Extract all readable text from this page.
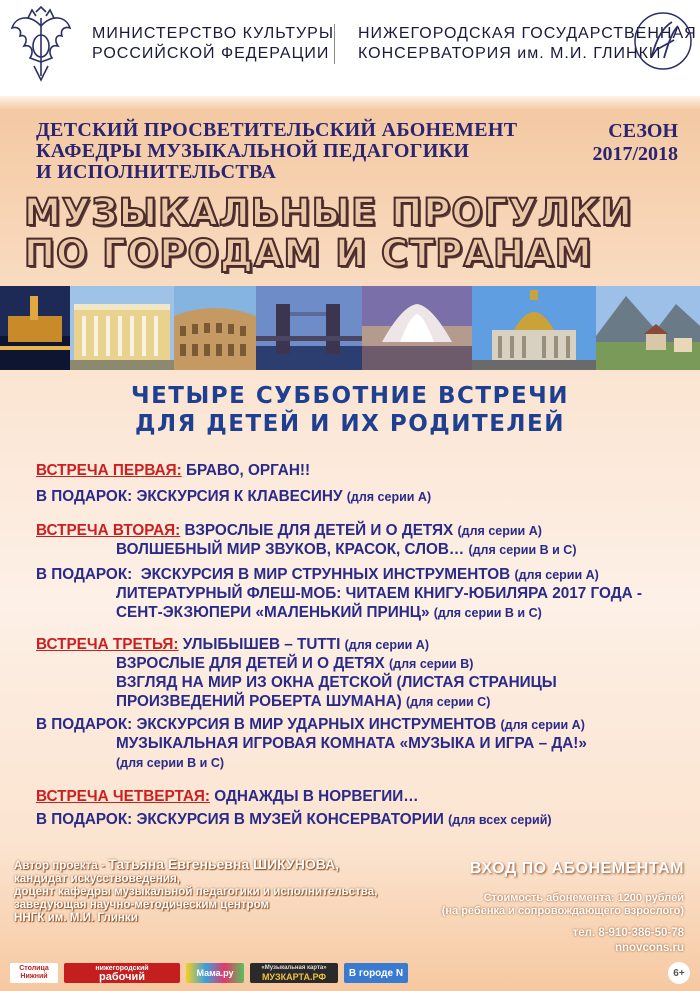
МИНИСТЕРСТВО КУЛЬТУРЫ
РОССИЙСКОЙ ФЕДЕРАЦИИ
НИЖЕГОРОДСКАЯ ГОСУДАРСТВЕННАЯ
КОНСЕРВАТОРИЯ им. М.И. ГЛИНКИ
ДЕТСКИЙ ПРОСВЕТИТЕЛЬСКИЙ АБОНЕМЕНТ
КАФЕДРЫ МУЗЫКАЛЬНОЙ ПЕДАГОГИКИ
И ИСПОЛНИТЕЛЬСТВА
СЕЗОН
2017/2018
МУЗЫКАЛЬНЫЕ ПРОГУЛКИ
ПО ГОРОДАМ И СТРАНАМ
ЧЕТЫРЕ СУББОТНИЕ ВСТРЕЧИ
ДЛЯ ДЕТЕЙ И ИХ РОДИТЕЛЕЙ
ВСТРЕЧА ПЕРВАЯ: БРАВО, ОРГАН!!
В ПОДАРОК: ЭКСКУРСИЯ К КЛАВЕСИНУ (для серии А)
ВСТРЕЧА ВТОРАЯ: ВЗРОСЛЫЕ ДЛЯ ДЕТЕЙ И О ДЕТЯХ (для серии А)
ВОЛШЕБНЫЙ МИР ЗВУКОВ, КРАСОК, СЛОВ… (для серии В и С)
В ПОДАРОК: ЭКСКУРСИЯ В МИР СТРУННЫХ ИНСТРУМЕНТОВ (для серии А)
ЛИТЕРАТУРНЫЙ ФЛЕШ-МОБ: ЧИТАЕМ КНИГУ-ЮБИЛЯРА 2017 ГОДА -
СЕНТ-ЭКЗЮПЕРИ «МАЛЕНЬКИЙ ПРИНЦ» (для серии В и С)
ВСТРЕЧА ТРЕТЬЯ: УЛЫБЫШЕВ – TUTTI (для серии А)
ВЗРОСЛЫЕ ДЛЯ ДЕТЕЙ И О ДЕТЯХ (для серии В)
ВЗГЛЯД НА МИР ИЗ ОКНА ДЕТСКОЙ (ЛИСТАЯ СТРАНИЦЫ
ПРОИЗВЕДЕНИЙ РОБЕРТА ШУМАНА) (для серии С)
В ПОДАРОК: ЭКСКУРСИЯ В МИР УДАРНЫХ ИНСТРУМЕНТОВ (для серии А)
МУЗЫКАЛЬНАЯ ИГРОВАЯ КОМНАТА «МУЗЫКА И ИГРА – ДА!»
(для серии В и С)
ВСТРЕЧА ЧЕТВЕРТАЯ: ОДНАЖДЫ В НОРВЕГИИ…
В ПОДАРОК: ЭКСКУРСИЯ В МУЗЕЙ КОНСЕРВАТОРИИ (для всех серий)
Автор проекта - Татьяна Евгеньевна ШИКУНОВА,
кандидат искусствоведения,
доцент кафедры музыкальной педагогики и исполнительства,
заведующая научно-методическим центром
ННГК им. М.И. Глинки
ВХОД ПО АБОНЕМЕНТАМ
Стоимость абонемента: 1200 рублей
(на ребенка и сопровождающего взрослого)
тел. 8-910-386-50-78
nnovcons.ru
Столица
Нижний
нижегородский
рабочий	Мама .ру	«Музыкальная карта»
МУЗКАРТА.РФ	В городе N	6+
